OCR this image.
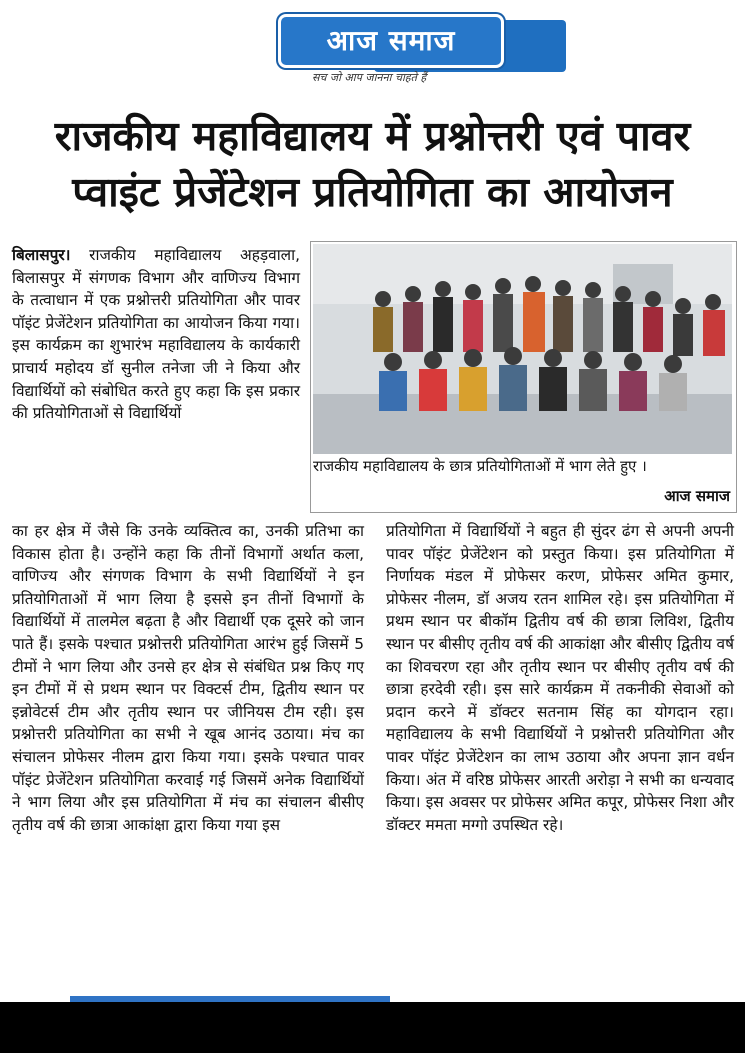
आज समाज
सच जो आप जानना चाहते हैं
राजकीय महाविद्यालय में प्रश्नोत्तरी एवं पावर
प्वाइंट प्रेजेंटेशन प्रतियोगिता का आयोजन

बिलासपुर। राजकीय महाविद्यालय अहड़वाला, बिलासपुर में संगणक विभाग और वाणिज्य विभाग के तत्वाधान में एक प्रश्नोत्तरी प्रतियोगिता और पावर पॉइंट प्रेजेंटेशन प्रतियोगिता का आयोजन किया गया। इस कार्यक्रम का शुभारंभ महाविद्यालय के कार्यकारी प्राचार्य महोदय डॉ सुनील तनेजा जी ने किया और विद्यार्थियों को संबोधित करते हुए कहा कि इस प्रकार की प्रतियोगिताओं से विद्यार्थियों

राजकीय महाविद्यालय के छात्र प्रतियोगिताओं में भाग लेते हुए ।
आज समाज

का हर क्षेत्र में जैसे कि उनके व्यक्तित्व का, उनकी प्रतिभा का विकास होता है। उन्होंने कहा कि तीनों विभागों अर्थात कला, वाणिज्य और संगणक विभाग के सभी विद्यार्थियों ने इन प्रतियोगिताओं में भाग लिया है इससे इन तीनों विभागों के विद्यार्थियों में तालमेल बढ़ता है और विद्यार्थी एक दूसरे को जान पाते हैं। इसके पश्चात प्रश्नोत्तरी प्रतियोगिता आरंभ हुई जिसमें 5 टीमों ने भाग लिया और उनसे हर क्षेत्र से संबंधित प्रश्न किए गए इन टीमों में से प्रथम स्थान पर विक्टर्स टीम, द्वितीय स्थान पर इन्नोवेटर्स टीम और तृतीय स्थान पर जीनियस टीम रही। इस प्रश्नोत्तरी प्रतियोगिता का सभी ने खूब आनंद उठाया। मंच का संचालन प्रोफेसर नीलम द्वारा किया गया। इसके पश्चात पावर पॉइंट प्रेजेंटेशन प्रतियोगिता करवाई गई जिसमें अनेक विद्यार्थियों ने भाग लिया और इस प्रतियोगिता में मंच का संचालन बीसीए तृतीय वर्ष की छात्रा आकांक्षा द्वारा किया गया इस

प्रतियोगिता में विद्यार्थियों ने बहुत ही सुंदर ढंग से अपनी अपनी पावर पॉइंट प्रेजेंटेशन को प्रस्तुत किया। इस प्रतियोगिता में निर्णायक मंडल में प्रोफेसर करण, प्रोफेसर अमित कुमार, प्रोफेसर नीलम, डॉ अजय रतन शामिल रहे। इस प्रतियोगिता में प्रथम स्थान पर बीकॉम द्वितीय वर्ष की छात्रा लिविश, द्वितीय स्थान पर बीसीए तृतीय वर्ष की आकांक्षा और बीसीए द्वितीय वर्ष का शिवचरण रहा और तृतीय स्थान पर बीसीए तृतीय वर्ष की छात्रा हरदेवी रही। इस सारे कार्यक्रम में तकनीकी सेवाओं को प्रदान करने में डॉक्टर सतनाम सिंह का योगदान रहा। महाविद्यालय के सभी विद्यार्थियों ने प्रश्नोत्तरी प्रतियोगिता और पावर पॉइंट प्रेजेंटेशन का लाभ उठाया और अपना ज्ञान वर्धन किया। अंत में वरिष्ठ प्रोफेसर आरती अरोड़ा ने सभी का धन्यवाद किया। इस अवसर पर प्रोफेसर अमित कपूर, प्रोफेसर निशा और डॉक्टर ममता मग्गो उपस्थित रहे।
